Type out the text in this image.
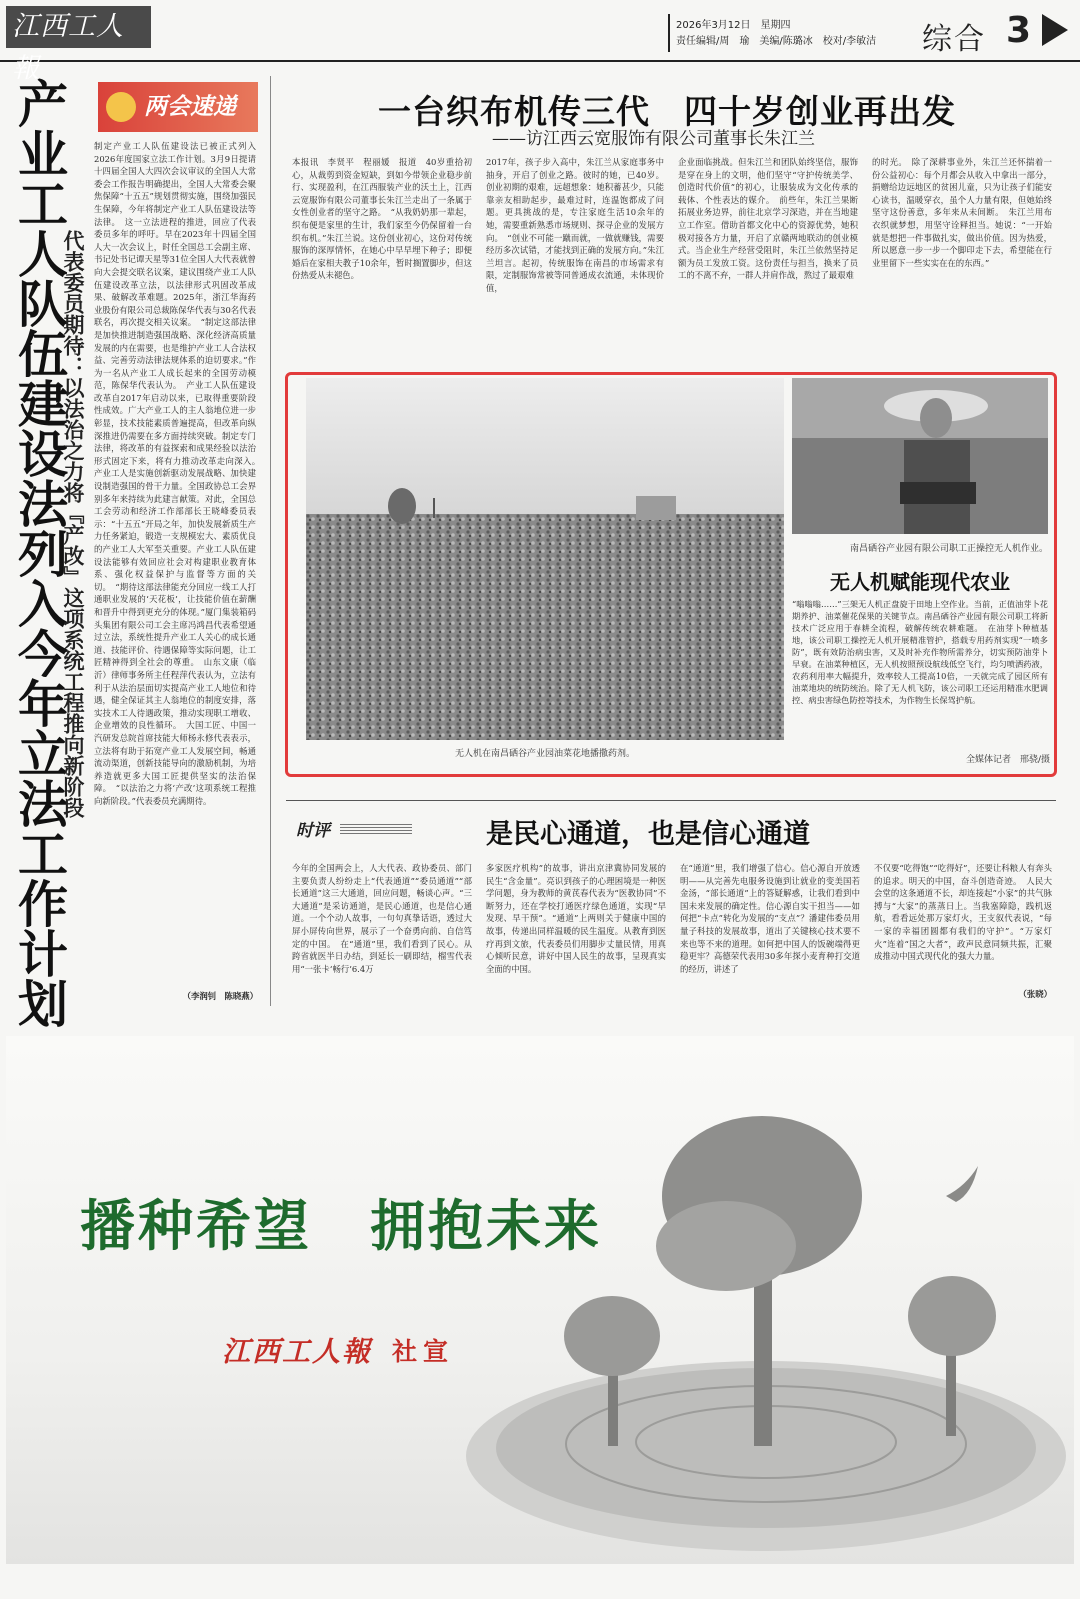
江西工人報
2026年3月12日　星期四
责任编辑/周　瑜　美编/陈璐冰　校对/李敏洁	综合 3
产业工人队伍建设法列入今年立法工作计划
代表委员期待：以法治之力将『产改』这项系统工程推向新阶段
两会速递
制定产业工人队伍建设法已被正式列入2026年度国家立法工作计划。3月9日提请十四届全国人大四次会议审议的全国人大常委会工作报告明确提出，全国人大常委会聚焦保障“十五五”规划贯彻实施，围绕加强民生保障，今年将制定产业工人队伍建设法等法律。　这一立法进程的推进，回应了代表委员多年的呼吁。早在2023年十四届全国人大一次会议上，时任全国总工会副主席、书记处书记谭天星等31位全国人大代表就曾向大会提交联名议案，建议围绕产业工人队伍建设改革立法，以法律形式巩固改革成果、破解改革难题。2025年，浙江华海药业股份有限公司总裁陈保华代表与30名代表联名，再次提交相关议案。　“制定这部法律是加快推进制造强国战略、深化经济高质量发展的内在需要，也是维护产业工人合法权益、完善劳动法律法规体系的迫切要求。”作为一名从产业工人成长起来的全国劳动模范，陈保华代表认为。　产业工人队伍建设改革自2017年启动以来，已取得重要阶段性成效。广大产业工人的主人翁地位进一步彰显，技术技能素质普遍提高，但改革向纵深推进仍需要在多方面持续突破。制定专门法律，将改革的有益探索和成果经验以法治形式固定下来，将有力推动改革走向深入。　产业工人是实施创新驱动发展战略、加快建设制造强国的骨干力量。全国政协总工会界别多年来持续为此建言献策。对此，全国总工会劳动和经济工作部部长王晓峰委员表示：“十五五”开局之年，加快发展新质生产力任务紧迫，锻造一支规模宏大、素质优良的产业工人大军至关重要。产业工人队伍建设法能够有效回应社会对构建职业教育体系、强化权益保护与监督等方面的关切。　“期待这部法律能充分回应一线工人打通职业发展的‘天花板’，让技能价值在薪酬和晋升中得到更充分的体现。”厦门集装箱码头集团有限公司工会主席冯鸿昌代表希望通过立法，系统性提升产业工人关心的成长通道、技能评价、待遇保障等实际问题，让工匠精神得到全社会的尊重。　山东文康（临沂）律师事务所主任程萍代表认为，立法有利于从法治层面切实提高产业工人地位和待遇，健全保证其主人翁地位的制度安排，落实技术工人待遇政策，推动实现职工增收、企业增效的良性循环。　大国工匠、中国一汽研发总院首席技能大师杨永修代表表示，立法将有助于拓宽产业工人发展空间，畅通流动渠道，创新技能导向的激励机制，为培养造就更多大国工匠提供坚实的法治保障。　“以法治之力将‘产改’这项系统工程推向新阶段。”代表委员充满期待。
（李润钊　陈晓燕）
一台织布机传三代　四十岁创业再出发
——访江西云宽服饰有限公司董事长朱江兰
本报讯　李贤平　程丽媛　报道　40岁重拾初心，从裁剪到资金短缺，到如今带领企业稳步前行、实现盈利，在江西服装产业的沃土上，江西云宽服饰有限公司董事长朱江兰走出了一条属于女性创业者的坚守之路。　“从我奶奶那一辈起，织布便是家里的生计，我们家至今仍保留着一台织布机。”朱江兰说。这份创业初心，这份对传统服饰的深厚情怀，在她心中早早埋下种子；即便婚后在家相夫教子10余年，暂时搁置脚步，但这份热爱从未褪色。
2017年，孩子步入高中，朱江兰从家庭事务中抽身，开启了创业之路。彼时的她，已40岁。创业初期的艰难，远超想象：她积蓄甚少，只能靠亲友相助起步，最难过时，连温饱都成了问题。更具挑战的是，专注家庭生活10余年的她，需要重新熟悉市场规则、探寻企业的发展方向。　“创业不可能一蹴而就，一做就赚钱，需要经历多次试错，才能找到正确的发展方向。”朱江兰坦言。起初，传统服饰在南昌的市场需求有限，定制服饰常被等同普通成衣流通，未体现价值，
企业面临挑战。但朱江兰和团队始终坚信，服饰是穿在身上的文明，他们坚守“守护传统美学、创造时代价值”的初心，让服装成为文化传承的载体、个性表达的媒介。　前些年，朱江兰果断拓展业务边界，前往北京学习深造，并在当地建立工作室。借助首都文化中心的资源优势，她积极对接各方力量，开启了京赣两地联动的创业模式。当企业生产经营受阻时，朱江兰依然坚持足额为员工发放工资。这份责任与担当，换来了员工的不离不弃，一群人并肩作战，熬过了最艰难
的时光。　除了深耕事业外，朱江兰还怀揣着一份公益初心：每个月都会从收入中拿出一部分，捐赠给边远地区的贫困儿童，只为让孩子们能安心读书，温暖穿衣，虽个人力量有限，但她始终坚守这份善意，多年来从未间断。　朱江兰用布衣织就梦想，用坚守诠释担当。她说：“一开始就是想把一件事做扎实，做出价值。因为热爱，所以愿意一步一步一个脚印走下去，希望能在行业里留下一些实实在在的东西。”
无人机在南昌硒谷产业园油菜花地播撒药剂。
南昌硒谷产业园有限公司职工正操控无人机作业。
无人机赋能现代农业
“嗡嗡嗡……”三架无人机正盘旋于田地上空作业。当前，正值油芽卜花期养护、油菜催花保果的关键节点。南昌硒谷产业园有限公司职工将新技术广泛应用于春耕全流程，破解传统农耕难题。　在油芽卜种植基地，该公司职工操控无人机开展精准管护，搭载专用药剂实现“一喷多防”，既有效防治病虫害，又及时补充作物所需养分，切实预防油芽卜早衰。在油菜种植区，无人机按照预设航线低空飞行，均匀喷洒药液，农药利用率大幅提升，效率较人工提高10倍，一天就完成了园区所有油菜地块的统防统治。除了无人机飞防，该公司职工还运用精准水肥调控、病虫害绿色防控等技术，为作物生长保驾护航。
全媒体记者　邢骁/摄
时评	是民心通道，也是信心通道
今年的全国两会上，人大代表、政协委员、部门主要负责人纷纷走上“代表通道”“委员通道”“部长通道”这三大通道，回应问题，畅谈心声。“三大通道”是采访通道，是民心通道，也是信心通道。一个个动人故事，一句句真挚话语，透过大屏小屏传向世界，展示了一个奋勇向前、自信笃定的中国。　在“通道”里，我们看到了民心。从跨省就医半日办结，到延长一刷即结，榴雪代表用“一张卡‘畅行’6.4万
多家医疗机构”的故事，讲出京津冀协同发展的民生“含金量”。亮识到孩子的心理困境是一种医学问题，身为教师的黄芪春代表为“医教协同”不断努力，还在学校打通医疗绿色通道，实现“早发现、早干预”。“通道”上两则关于健康中国的故事，传递出同样温暖的民生温度。从教育到医疗再到文旅，代表委员们用脚步丈量民情，用真心倾听民意，讲好中国人民生的故事，呈现真实全面的中国。
在“通道”里，我们增强了信心。信心源自开放透明——从完善先电服务设施到让就业的变美国若金汤，“部长通道”上的答疑解惑，让我们看到中国未来发展的确定性。信心源自实干担当——如何把“卡点”转化为发展的“支点”？潘建伟委员用量子科技的发展故事，道出了关键核心技术要不来也等不来的道理。如何把中国人的饭碗端得更稳更牢？高德荣代表用30多年探小麦育种打交道的经历，讲述了
不仅要“吃得饱”“吃得好”，还要让科粮人有奔头的追求。明天的中国，奋斗创造奇迹。　人民大会堂的这条通道不长，却连接起“小家”的共气脉搏与“大家”的蒸蒸日上。当我塞障隐，践机返航，看看远处那万家灯火，王支叙代表说，“每一家的幸福团圆都有我们的守护”。“万家灯火”连着“国之大者”，政声民意同频共振，汇聚成推动中国式现代化的强大力量。
（张晓）
播种希望　拥抱未来
江西工人報 社宣
